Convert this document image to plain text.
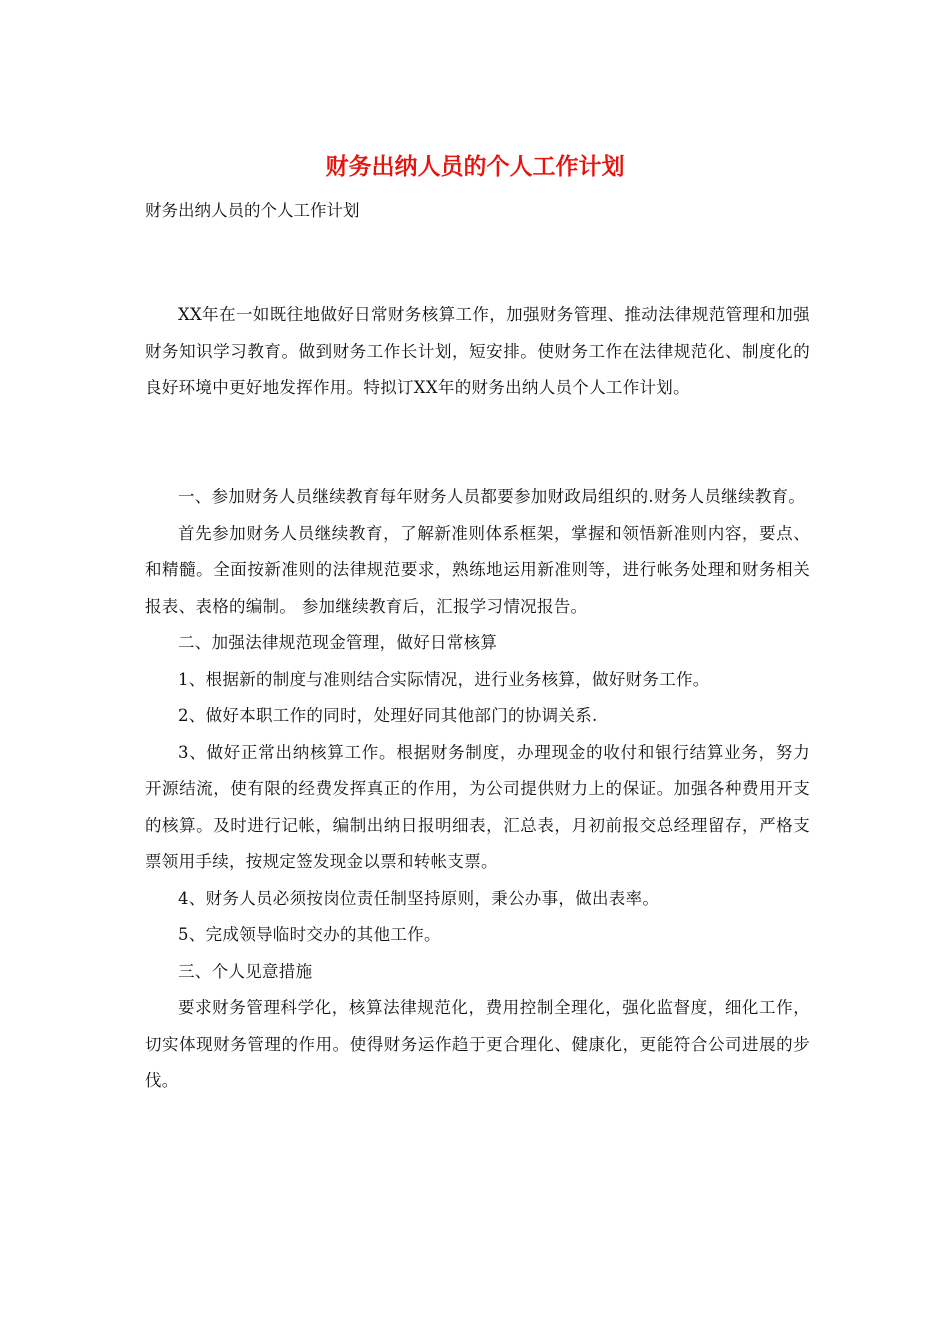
财务出纳人员的个人工作计划
财务出纳人员的个人工作计划

XX年在一如既往地做好日常财务核算工作，加强财务管理、推动法律规范管理和加强财务知识学习教育。做到财务工作长计划，短安排。使财务工作在法律规范化、制度化的良好环境中更好地发挥作用。特拟订XX年的财务出纳人员个人工作计划。

一、参加财务人员继续教育每年财务人员都要参加财政局组织的.财务人员继续教育。

首先参加财务人员继续教育，了解新准则体系框架，掌握和领悟新准则内容，要点、和精髓。全面按新准则的法律规范要求，熟练地运用新准则等，进行帐务处理和财务相关报表、表格的编制。 参加继续教育后，汇报学习情况报告。

二、加强法律规范现金管理，做好日常核算

1、根据新的制度与准则结合实际情况，进行业务核算，做好财务工作。

2、做好本职工作的同时，处理好同其他部门的协调关系.

3、做好正常出纳核算工作。根据财务制度，办理现金的收付和银行结算业务，努力开源结流，使有限的经费发挥真正的作用，为公司提供财力上的保证。加强各种费用开支的核算。及时进行记帐，编制出纳日报明细表，汇总表，月初前报交总经理留存，严格支票领用手续，按规定签发现金以票和转帐支票。

4、财务人员必须按岗位责任制坚持原则，秉公办事，做出表率。

5、完成领导临时交办的其他工作。

三、个人见意措施

要求财务管理科学化，核算法律规范化，费用控制全理化，强化监督度，细化工作，切实体现财务管理的作用。使得财务运作趋于更合理化、健康化，更能符合公司进展的步伐。
